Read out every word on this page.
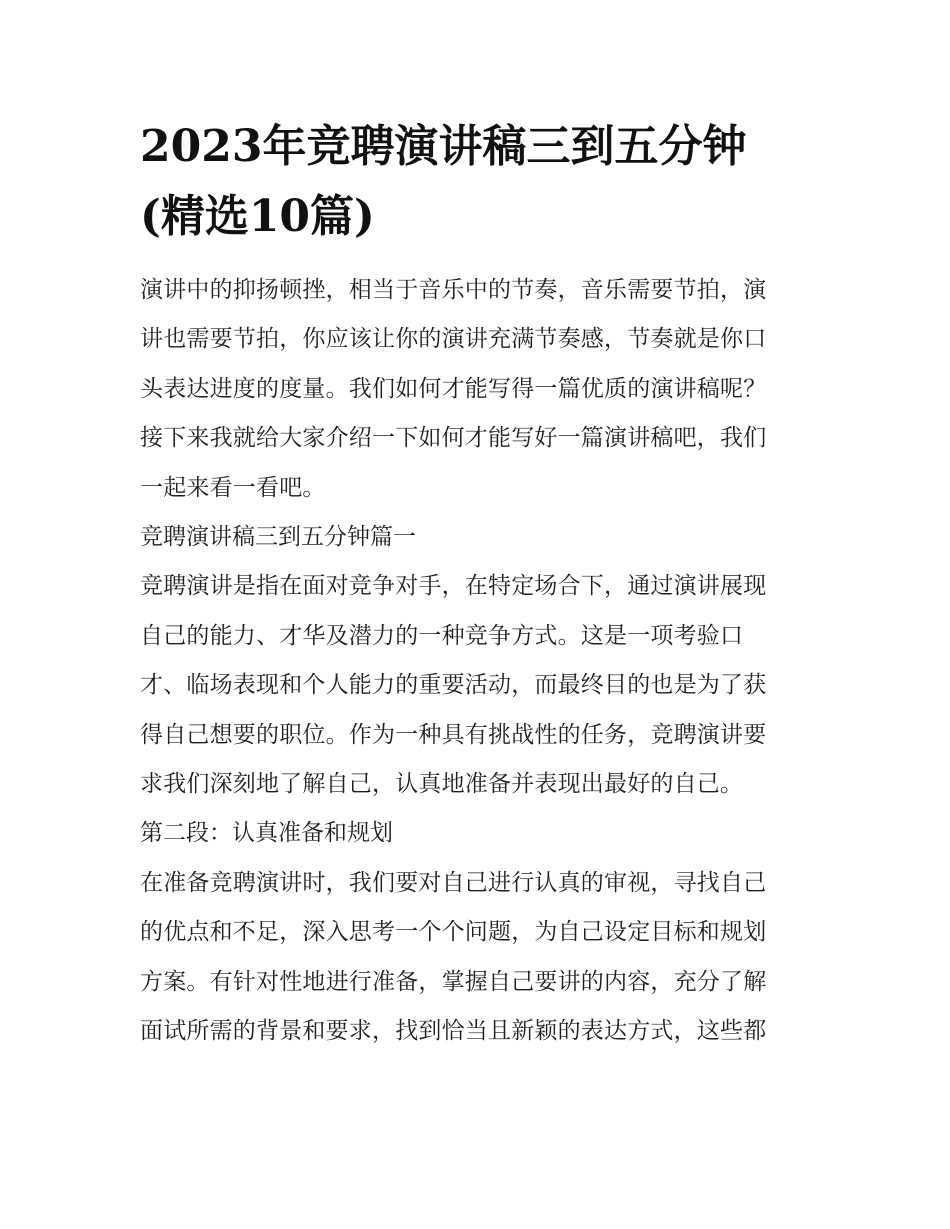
2023年竞聘演讲稿三到五分钟
(精选10篇)

演讲中的抑扬顿挫，相当于音乐中的节奏，音乐需要节拍，演
讲也需要节拍，你应该让你的演讲充满节奏感，节奏就是你口
头表达进度的度量。我们如何才能写得一篇优质的演讲稿呢？
接下来我就给大家介绍一下如何才能写好一篇演讲稿吧，我们
一起来看一看吧。

竞聘演讲稿三到五分钟篇一

竞聘演讲是指在面对竞争对手，在特定场合下，通过演讲展现
自己的能力、才华及潜力的一种竞争方式。这是一项考验口
才、临场表现和个人能力的重要活动，而最终目的也是为了获
得自己想要的职位。作为一种具有挑战性的任务，竞聘演讲要
求我们深刻地了解自己，认真地准备并表现出最好的自己。

第二段：认真准备和规划

在准备竞聘演讲时，我们要对自己进行认真的审视，寻找自己
的优点和不足，深入思考一个个问题，为自己设定目标和规划
方案。有针对性地进行准备，掌握自己要讲的内容，充分了解
面试所需的背景和要求，找到恰当且新颖的表达方式，这些都
